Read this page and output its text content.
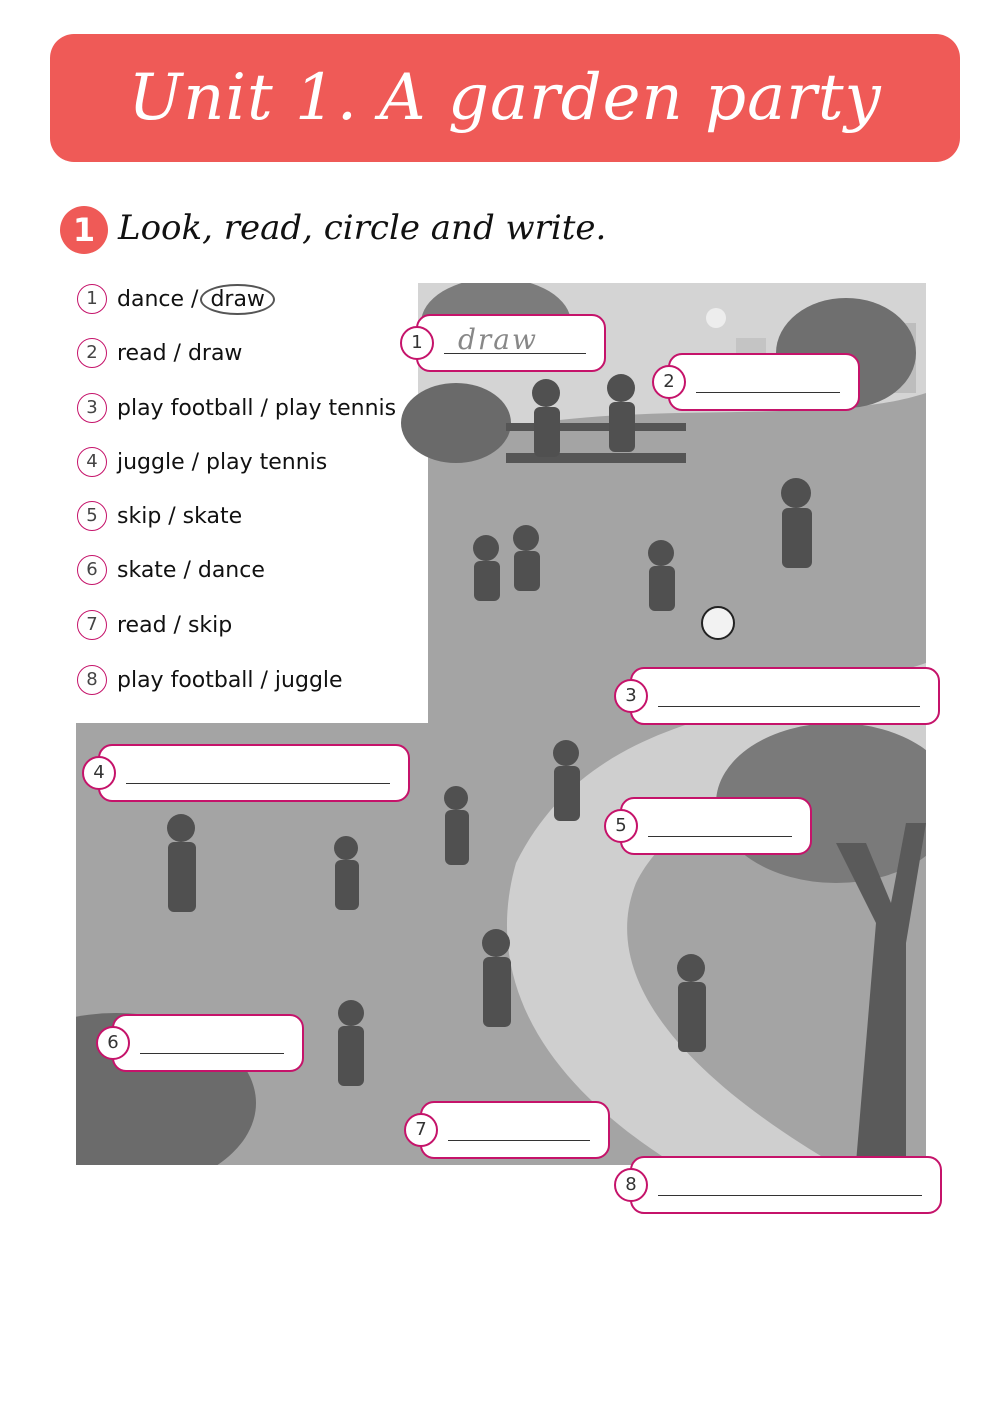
Unit 1. A garden party
1 Look, read, circle and write.
1 dance / draw
2 read / draw
3 play football / play tennis
4 juggle / play tennis
5 skip / skate
6 skate / dance
7 read / skip
8 play football / juggle
1	draw
2
3
4
5
6
7
8
